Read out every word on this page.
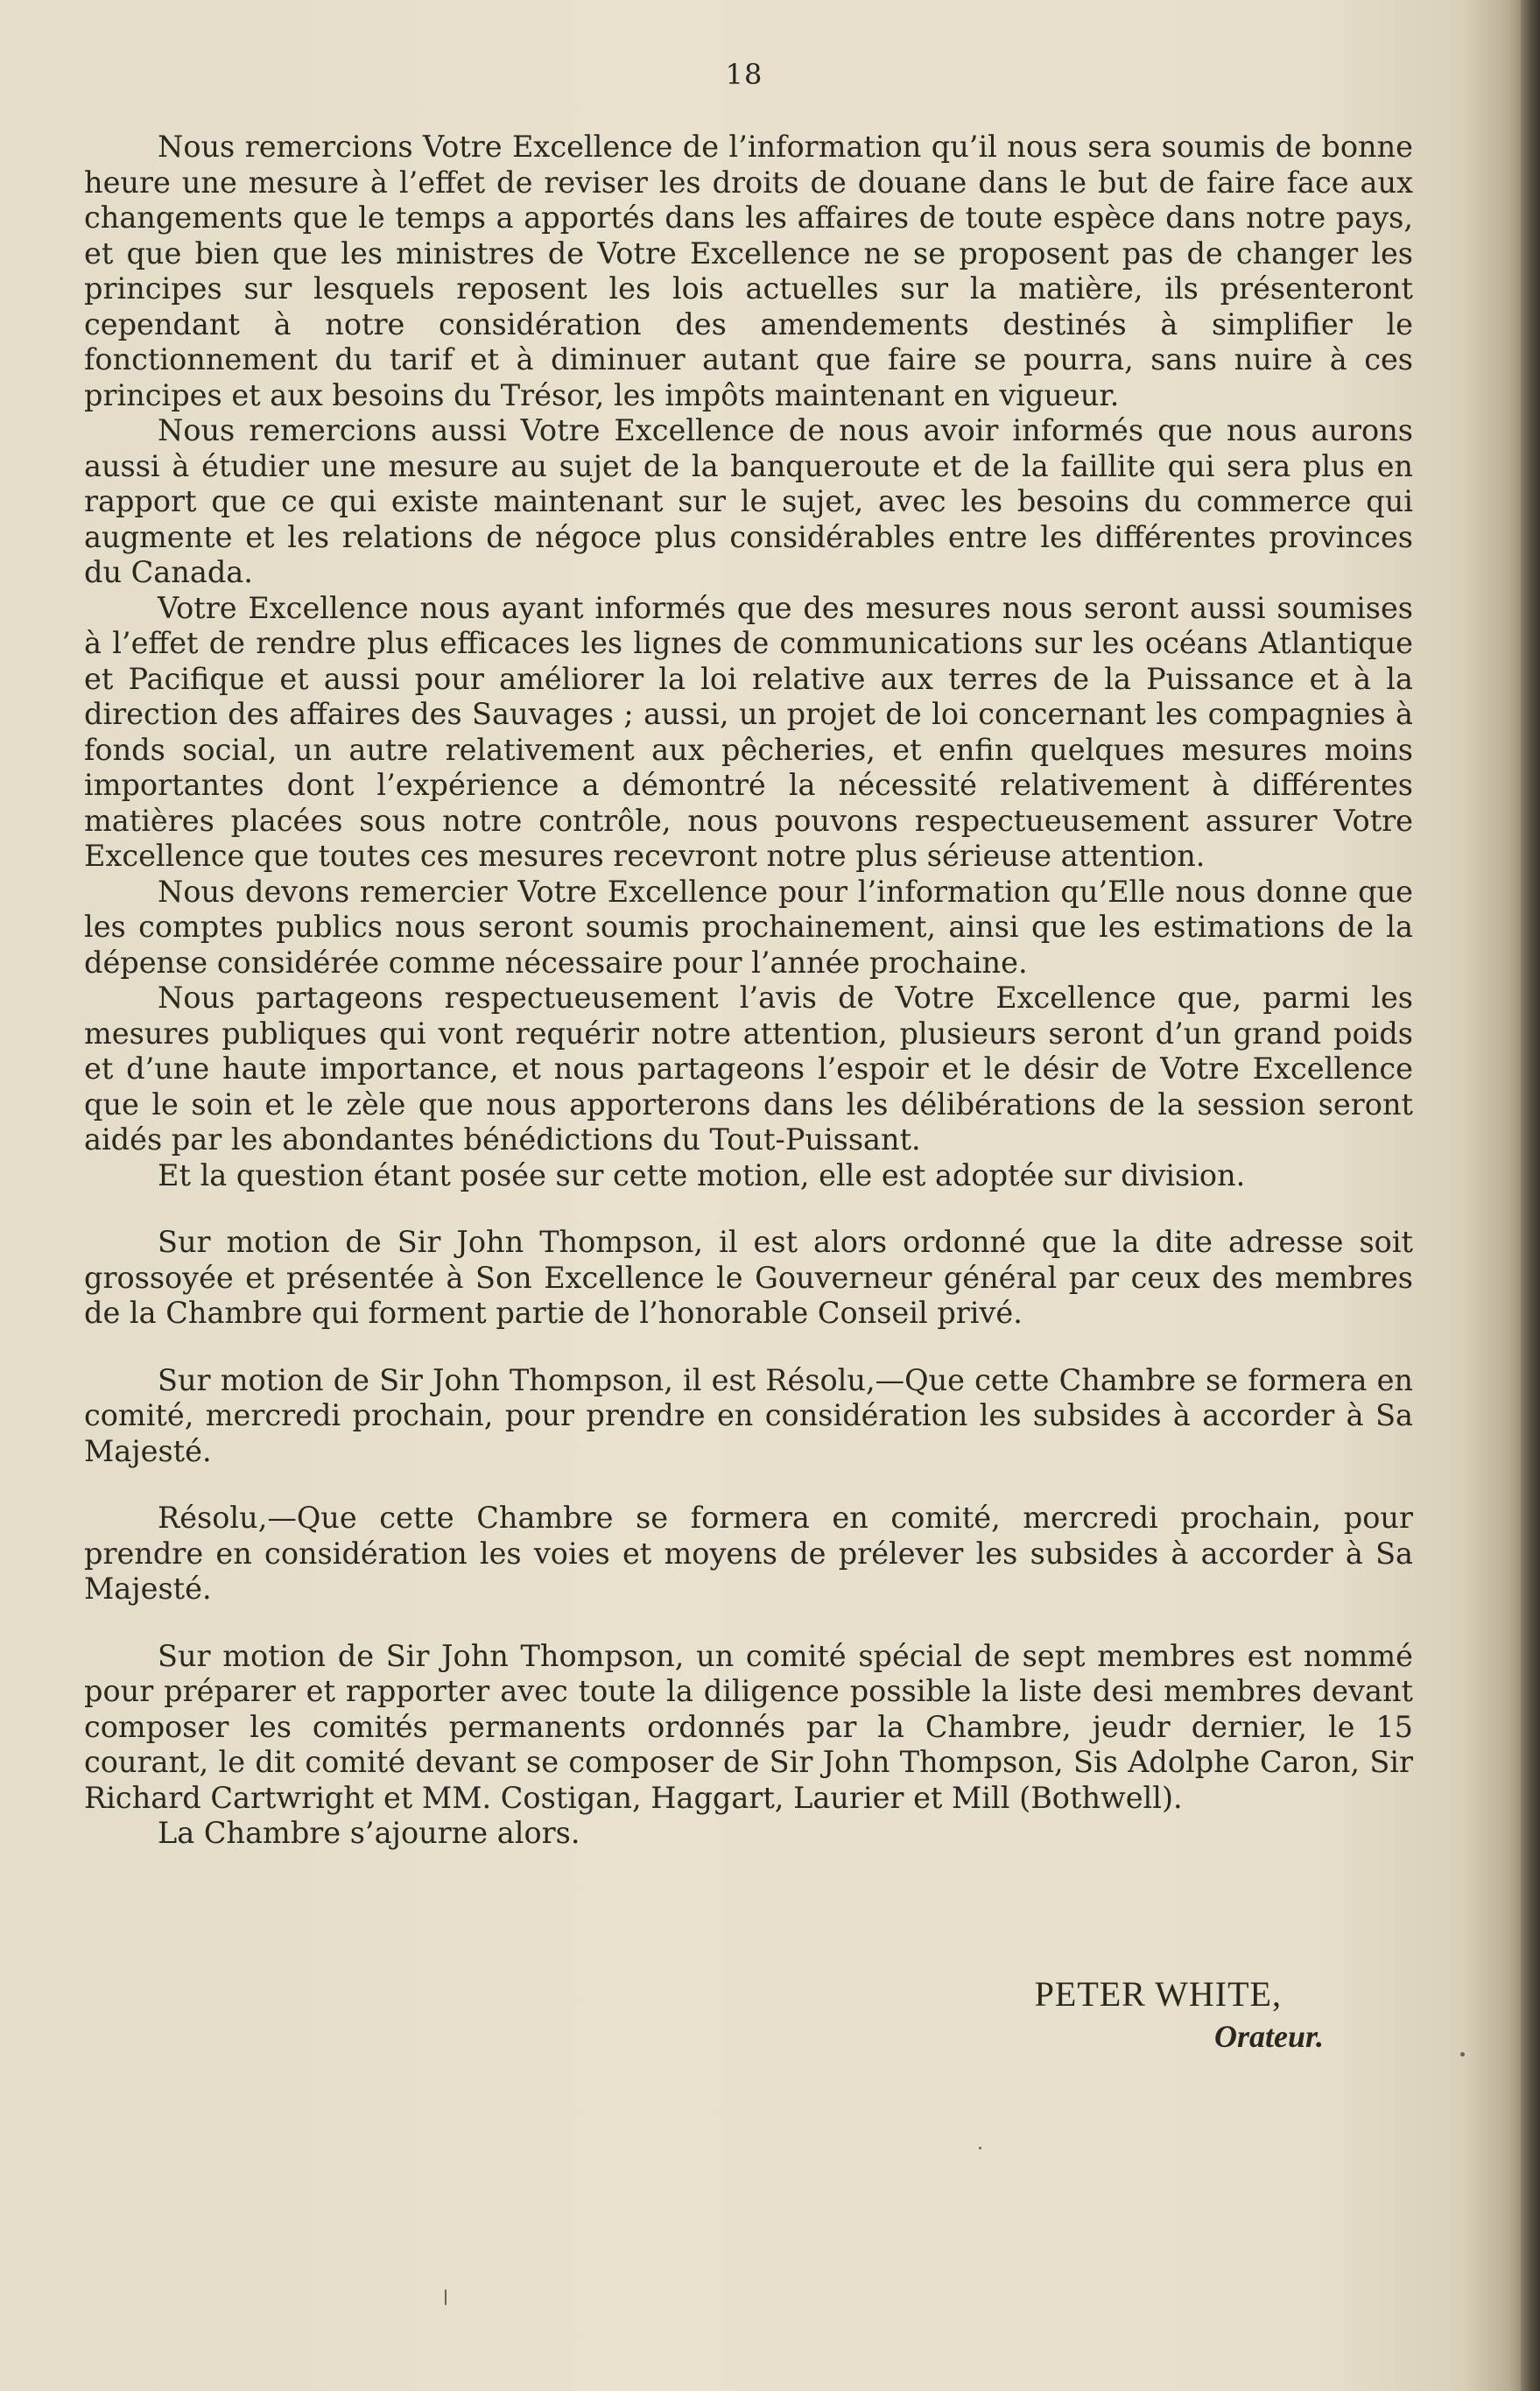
18

Nous remercions Votre Excellence de l’information qu’il nous sera soumis de bonne heure une mesure à l’effet de reviser les droits de douane dans le but de faire face aux changements que le temps a apportés dans les affaires de toute espèce dans notre pays, et que bien que les ministres de Votre Excellence ne se proposent pas de changer les principes sur lesquels reposent les lois actuelles sur la matière, ils présenteront cependant à notre considération des amendements destinés à simplifier le fonctionnement du tarif et à diminuer autant que faire se pourra, sans nuire à ces principes et aux besoins du Trésor, les impôts maintenant en vigueur.

Nous remercions aussi Votre Excellence de nous avoir informés que nous aurons aussi à étudier une mesure au sujet de la banqueroute et de la faillite qui sera plus en rapport que ce qui existe maintenant sur le sujet, avec les besoins du commerce qui augmente et les relations de négoce plus considérables entre les différentes provinces du Canada.

Votre Excellence nous ayant informés que des mesures nous seront aussi soumises à l’effet de rendre plus efficaces les lignes de communications sur les océans Atlantique et Pacifique et aussi pour améliorer la loi relative aux terres de la Puissance et à la direction des affaires des Sauvages ; aussi, un projet de loi concernant les compagnies à fonds social, un autre relativement aux pêcheries, et enfin quelques mesures moins importantes dont l’expérience a démontré la nécessité relativement à différentes matières placées sous notre contrôle, nous pouvons respectueusement assurer Votre Excellence que toutes ces mesures recevront notre plus sérieuse attention.

Nous devons remercier Votre Excellence pour l’information qu’Elle nous donne que les comptes publics nous seront soumis prochainement, ainsi que les estimations de la dépense considérée comme nécessaire pour l’année prochaine.

Nous partageons respectueusement l’avis de Votre Excellence que, parmi les mesures publiques qui vont requérir notre attention, plusieurs seront d’un grand poids et d’une haute importance, et nous partageons l’espoir et le désir de Votre Excellence que le soin et le zèle que nous apporterons dans les délibérations de la session seront aidés par les abondantes bénédictions du Tout-Puissant.

Et la question étant posée sur cette motion, elle est adoptée sur division.

Sur motion de Sir John Thompson, il est alors ordonné que la dite adresse soit grossoyée et présentée à Son Excellence le Gouverneur général par ceux des membres de la Chambre qui forment partie de l’honorable Conseil privé.

Sur motion de Sir John Thompson, il est Résolu,—Que cette Chambre se formera en comité, mercredi prochain, pour prendre en considération les subsides à accorder à Sa Majesté.

Résolu,—Que cette Chambre se formera en comité, mercredi prochain, pour prendre en considération les voies et moyens de prélever les subsides à accorder à Sa Majesté.

Sur motion de Sir John Thompson, un comité spécial de sept membres est nommé pour préparer et rapporter avec toute la diligence possible la liste desi membres devant composer les comités permanents ordonnés par la Chambre, jeudr dernier, le 15 courant, le dit comité devant se composer de Sir John Thompson, Sis Adolphe Caron, Sir Richard Cartwright et MM. Costigan, Haggart, Laurier et Mill (Bothwell).

La Chambre s’ajourne alors.

PETER WHITE,
Orateur.
